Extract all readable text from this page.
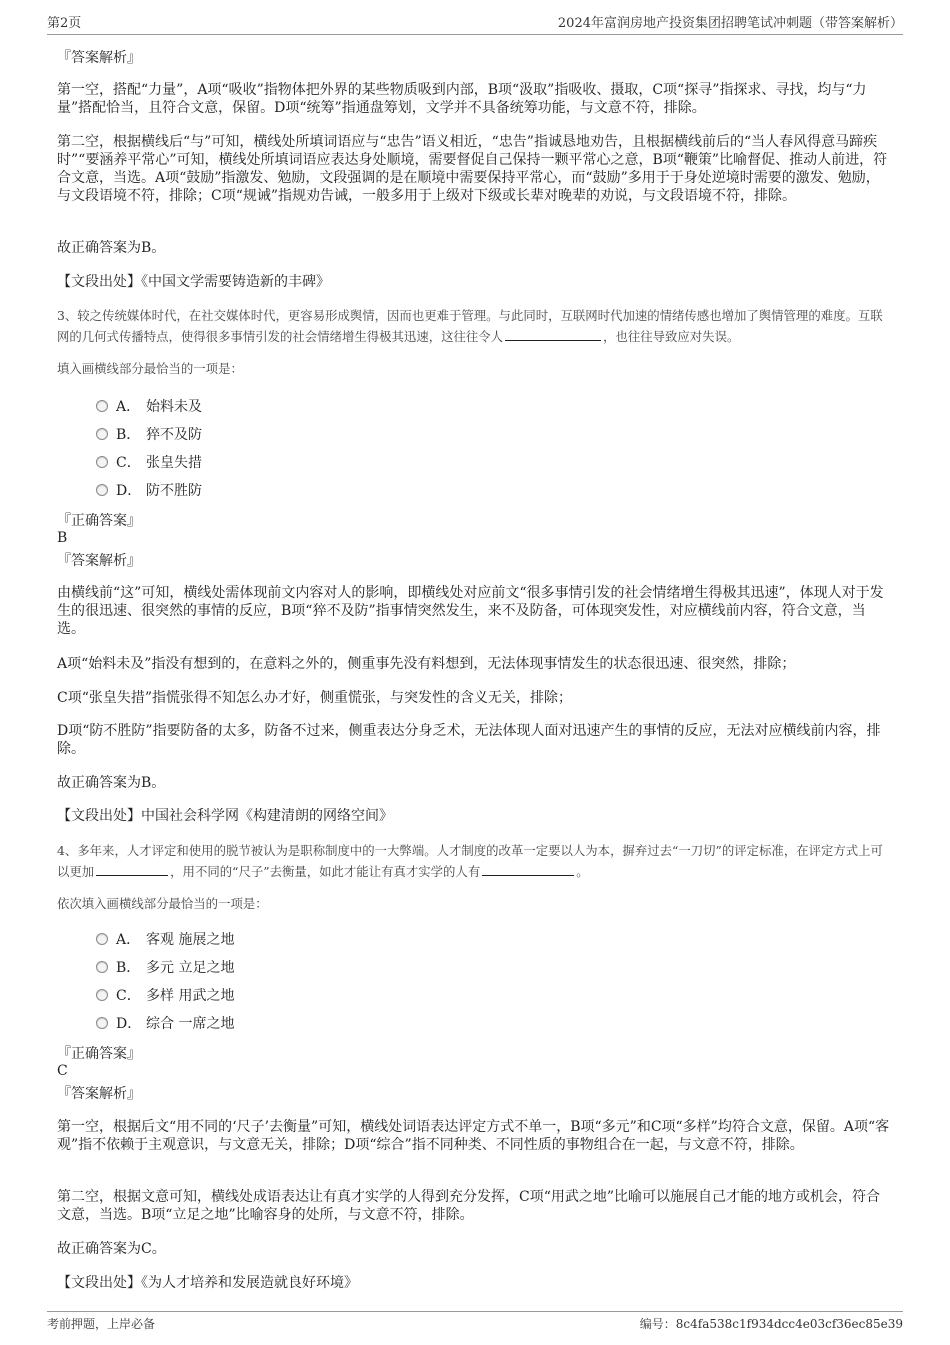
第2页	2024年富润房地产投资集团招聘笔试冲刺题（带答案解析）
『答案解析』
第一空，搭配“力量”，A项“吸收”指物体把外界的某些物质吸到内部，B项“汲取”指吸收、摄取，C项“探寻”指探求、寻找，均与“力量”搭配恰当，且符合文意，保留。D项“统筹”指通盘筹划，文学并不具备统筹功能，与文意不符，排除。
第二空，根据横线后“与”可知，横线处所填词语应与“忠告”语义相近，“忠告”指诚恳地劝告，且根据横线前后的“当人春风得意马蹄疾时”“要涵养平常心”可知，横线处所填词语应表达身处顺境，需要督促自己保持一颗平常心之意，B项“鞭策”比喻督促、推动人前进，符合文意，当选。A项“鼓励”指激发、勉励，文段强调的是在顺境中需要保持平常心，而“鼓励”多用于于身处逆境时需要的激发、勉励，与文段语境不符，排除；C项“规诫”指规劝告诫，一般多用于上级对下级或长辈对晚辈的劝说，与文段语境不符，排除。
故正确答案为B。
【文段出处】《中国文学需要铸造新的丰碑》
3、较之传统媒体时代，在社交媒体时代，更容易形成舆情，因而也更难于管理。与此同时，互联网时代加速的情绪传感也增加了舆情管理的难度。互联网的几何式传播特点，使得很多事情引发的社会情绪增生得极其迅速，这往往令人	，也往往导致应对失误。
填入画横线部分最恰当的一项是：
A． 始料未及
B． 猝不及防
C． 张皇失措
D． 防不胜防
『正确答案』
B
『答案解析』
由横线前“这”可知，横线处需体现前文内容对人的影响，即横线处对应前文“很多事情引发的社会情绪增生得极其迅速”，体现人对于发生的很迅速、很突然的事情的反应，B项“猝不及防”指事情突然发生，来不及防备，可体现突发性，对应横线前内容，符合文意，当选。
A项“始料未及”指没有想到的，在意料之外的，侧重事先没有料想到，无法体现事情发生的状态很迅速、很突然，排除；
C项“张皇失措”指慌张得不知怎么办才好，侧重慌张，与突发性的含义无关，排除；
D项“防不胜防”指要防备的太多，防备不过来，侧重表达分身乏术，无法体现人面对迅速产生的事情的反应，无法对应横线前内容，排除。
故正确答案为B。
【文段出处】中国社会科学网《构建清朗的网络空间》
4、多年来，人才评定和使用的脱节被认为是职称制度中的一大弊端。人才制度的改革一定要以人为本，摒弃过去“一刀切”的评定标准，在评定方式上可以更加	，用不同的“尺子”去衡量，如此才能让有真才实学的人有	。
依次填入画横线部分最恰当的一项是：
A． 客观 施展之地
B． 多元 立足之地
C． 多样 用武之地
D． 综合 一席之地
『正确答案』
C
『答案解析』
第一空，根据后文“用不同的‘尺子’去衡量”可知，横线处词语表达评定方式不单一，B项“多元”和C项“多样”均符合文意，保留。A项“客观”指不依赖于主观意识，与文意无关，排除；D项“综合”指不同种类、不同性质的事物组合在一起，与文意不符，排除。
第二空，根据文意可知，横线处成语表达让有真才实学的人得到充分发挥，C项“用武之地”比喻可以施展自己才能的地方或机会，符合文意，当选。B项“立足之地”比喻容身的处所，与文意不符，排除。
故正确答案为C。
【文段出处】《为人才培养和发展造就良好环境》
考前押题，上岸必备	编号：8c4fa538c1f934dcc4e03cf36ec85e39
